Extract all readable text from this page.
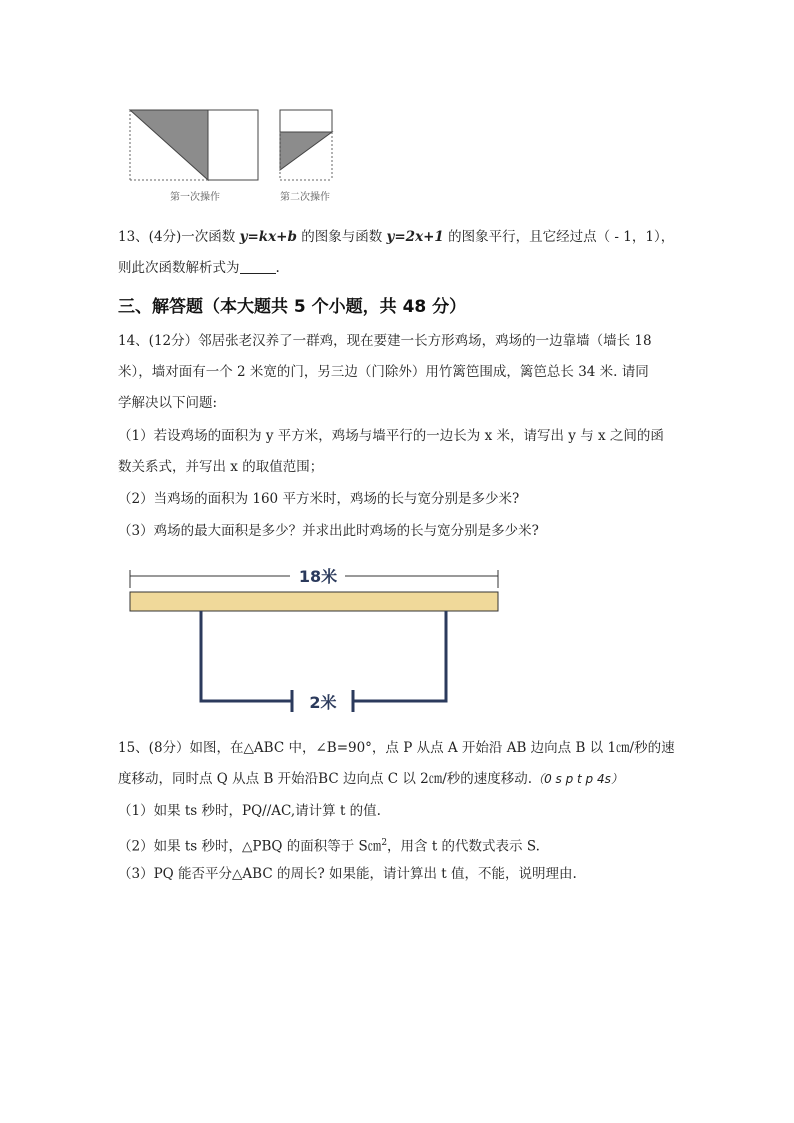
第一次操作	第二次操作
13、(4分)一次函数 y=kx+b 的图象与函数 y=2x+1 的图象平行，且它经过点（ - 1，1），
则此次函数解析式为	.
三、解答题（本大题共 5 个小题，共 48 分）
14、(12分）邻居张老汉养了一群鸡，现在要建一长方形鸡场，鸡场的一边靠墙（墙长 18
米），墙对面有一个 2 米宽的门，另三边（门除外）用竹篱笆围成，篱笆总长 34 米. 请同
学解决以下问题:
（1）若设鸡场的面积为 y 平方米，鸡场与墙平行的一边长为 x 米，请写出 y 与 x 之间的函
数关系式，并写出 x 的取值范围；
（2）当鸡场的面积为 160 平方米时，鸡场的长与宽分别是多少米?
（3）鸡场的最大面积是多少？并求出此时鸡场的长与宽分别是多少米?
18米
2米
15、(8分）如图，在△ABC 中，∠B=90°，点 P 从点 A 开始沿 AB 边向点 B 以 1㎝/秒的速
度移动，同时点 Q 从点 B 开始沿BC 边向点 C 以 2㎝/秒的速度移动.（0 s p t p 4s）
（1）如果 ts 秒时，PQ//AC,请计算 t 的值.
（2）如果 ts 秒时，△PBQ 的面积等于 S㎝$^2$，用含 t 的代数式表示 S.
（3）PQ 能否平分△ABC 的周长? 如果能，请计算出 t 值，不能，说明理由.
